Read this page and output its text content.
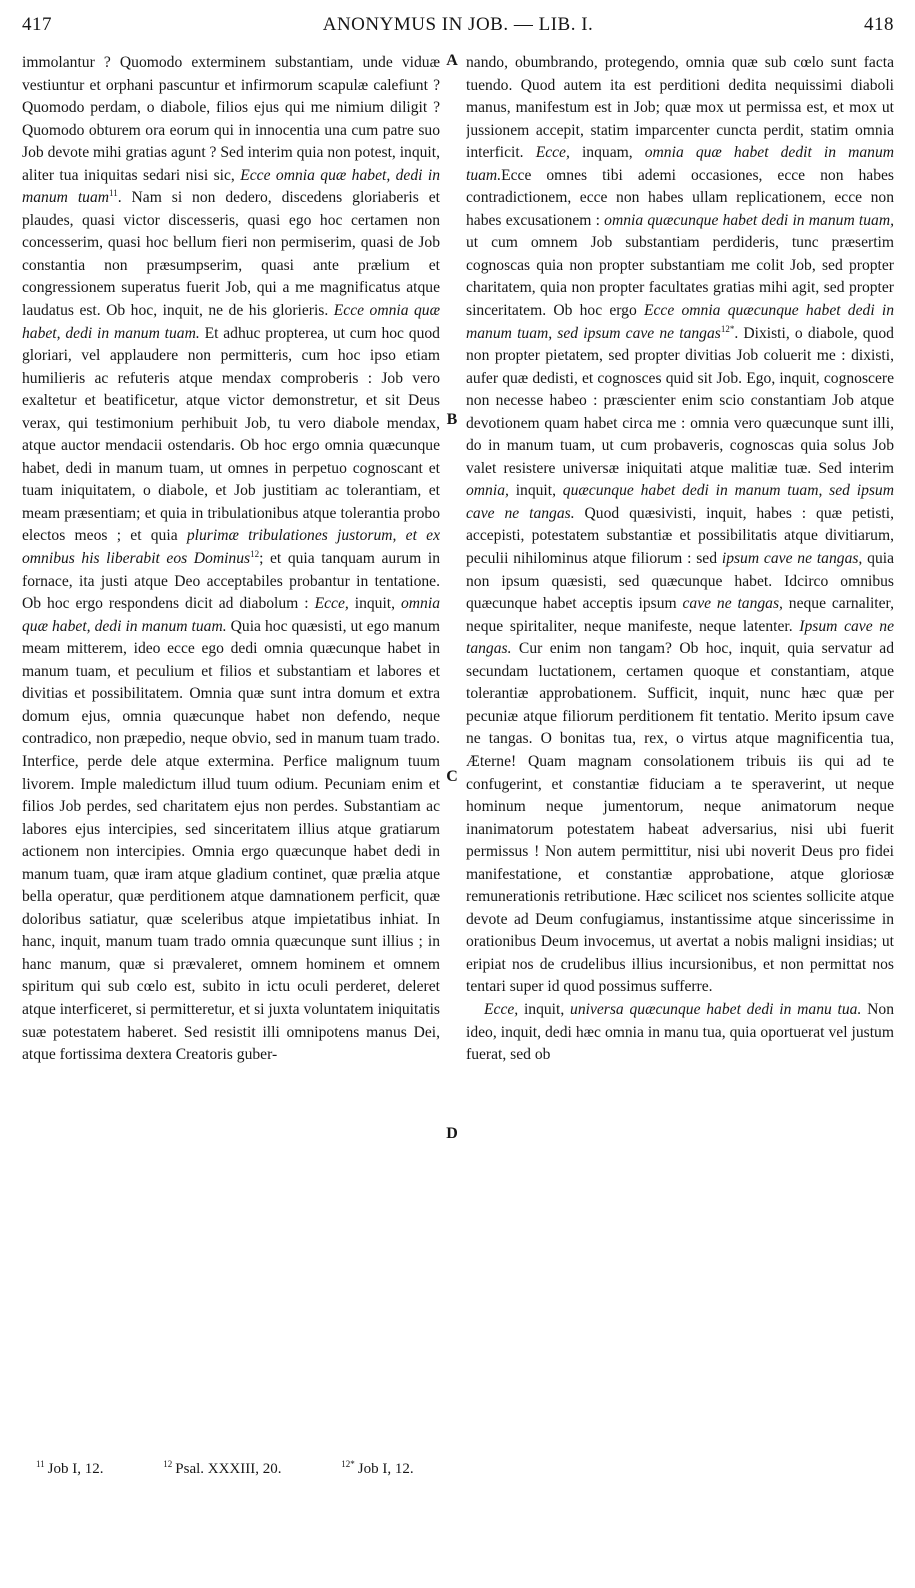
417	ANONYMUS IN JOB. — LIB. I.	418

immolantur ? Quomodo exterminem substantiam, unde viduæ vestiuntur et orphani pascuntur et infirmorum scapulæ calefiunt ? Quomodo perdam, o diabole, filios ejus qui me nimium diligit ? Quomodo obturem ora eorum qui in innocentia una cum patre suo Job devote mihi gratias agunt ? Sed interim quia non potest, inquit, aliter tua iniquitas sedari nisi sic, Ecce omnia quæ habet, dedi in manum tuam$^{11}$. Nam si non dedero, discedens gloriaberis et plaudes, quasi victor discesseris, quasi ego hoc certamen non concesserim, quasi hoc bellum fieri non permiserim, quasi de Job constantia non præsumpserim, quasi ante prælium et congressionem superatus fuerit Job, qui a me magnificatus atque laudatus est. Ob hoc, inquit, ne de his glorieris. Ecce omnia quæ habet, dedi in manum tuam. Et adhuc propterea, ut cum hoc quod gloriari, vel applaudere non permitteris, cum hoc ipso etiam humilieris ac refuteris atque mendax comproberis : Job vero exaltetur et beatificetur, atque victor demonstretur, et sit Deus verax, qui testimonium perhibuit Job, tu vero diabole mendax, atque auctor mendacii ostendaris. Ob hoc ergo omnia quæcunque habet, dedi in manum tuam, ut omnes in perpetuo cognoscant et tuam iniquitatem, o diabole, et Job justitiam ac tolerantiam, et meam præsentiam; et quia in tribulationibus atque tolerantia probo electos meos ; et quia plurimæ tribulationes justorum, et ex omnibus his liberabit eos Dominus$^{12}$; et quia tanquam aurum in fornace, ita justi atque Deo acceptabiles probantur in tentatione. Ob hoc ergo respondens dicit ad diabolum : Ecce, inquit, omnia quæ habet, dedi in manum tuam. Quia hoc quæsisti, ut ego manum meam mitterem, ideo ecce ego dedi omnia quæcunque habet in manum tuam, et peculium et filios et substantiam et labores et divitias et possibilitatem. Omnia quæ sunt intra domum et extra domum ejus, omnia quæcunque habet non defendo, neque contradico, non præpedio, neque obvio, sed in manum tuam trado. Interfice, perde dele atque extermina. Perfice malignum tuum livorem. Imple maledictum illud tuum odium. Pecuniam enim et filios Job perdes, sed charitatem ejus non perdes. Substantiam ac labores ejus intercipies, sed sinceritatem illius atque gratiarum actionem non intercipies. Omnia ergo quæcunque habet dedi in manum tuam, quæ iram atque gladium continet, quæ prælia atque bella operatur, quæ perditionem atque damnationem perficit, quæ doloribus satiatur, quæ sceleribus atque impietatibus inhiat. In hanc, inquit, manum tuam trado omnia quæcunque sunt illius ; in hanc manum, quæ si prævaleret, omnem hominem et omnem spiritum qui sub cœlo est, subito in ictu oculi perderet, deleret atque interficeret, si permitteretur, et si juxta voluntatem iniquitatis suæ potestatem haberet. Sed resistit illi omnipotens manus Dei, atque fortissima dextera Creatoris guber-

A
B
C
D

nando, obumbrando, protegendo, omnia quæ sub cœlo sunt facta tuendo. Quod autem ita est perditioni dedita nequissimi diaboli manus, manifestum est in Job; quæ mox ut permissa est, et mox ut jussionem accepit, statim imparcenter cuncta perdit, statim omnia interficit. Ecce, inquam, omnia quæ habet dedit in manum tuam.Ecce omnes tibi ademi occasiones, ecce non habes contradictionem, ecce non habes ullam replicationem, ecce non habes excusationem : omnia quæcunque habet dedi in manum tuam, ut cum omnem Job substantiam perdideris, tunc præsertim cognoscas quia non propter substantiam me colit Job, sed propter charitatem, quia non propter facultates gratias mihi agit, sed propter sinceritatem. Ob hoc ergo Ecce omnia quæcunque habet dedi in manum tuam, sed ipsum cave ne tangas$^{12*}$. Dixisti, o diabole, quod non propter pietatem, sed propter divitias Job coluerit me : dixisti, aufer quæ dedisti, et cognosces quid sit Job. Ego, inquit, cognoscere non necesse habeo : præscienter enim scio constantiam Job atque devotionem quam habet circa me : omnia vero quæcunque sunt illi, do in manum tuam, ut cum probaveris, cognoscas quia solus Job valet resistere universæ iniquitati atque malitiæ tuæ. Sed interim omnia, inquit, quæcunque habet dedi in manum tuam, sed ipsum cave ne tangas. Quod quæsivisti, inquit, habes : quæ petisti, accepisti, potestatem substantiæ et possibilitatis atque divitiarum, peculii nihilominus atque filiorum : sed ipsum cave ne tangas, quia non ipsum quæsisti, sed quæcunque habet. Idcirco omnibus quæcunque habet acceptis ipsum cave ne tangas, neque carnaliter, neque spiritaliter, neque manifeste, neque latenter. Ipsum cave ne tangas. Cur enim non tangam? Ob hoc, inquit, quia servatur ad secundam luctationem, certamen quoque et constantiam, atque tolerantiæ approbationem. Sufficit, inquit, nunc hæc quæ per pecuniæ atque filiorum perditionem fit tentatio. Merito ipsum cave ne tangas. O bonitas tua, rex, o virtus atque magnificentia tua, Æterne! Quam magnam consolationem tribuis iis qui ad te confugerint, et constantiæ fiduciam a te speraverint, ut neque hominum neque jumentorum, neque animatorum neque inanimatorum potestatem habeat adversarius, nisi ubi fuerit permissus ! Non autem permittitur, nisi ubi noverit Deus pro fidei manifestatione, et constantiæ approbatione, atque gloriosæ remunerationis retributione. Hæc scilicet nos scientes sollicite atque devote ad Deum confugiamus, instantissime atque sincerissime in orationibus Deum invocemus, ut avertat a nobis maligni insidias; ut eripiat nos de crudelibus illius incursionibus, et non permittat nos tentari super id quod possimus sufferre.

Ecce, inquit, universa quæcunque habet dedi in manu tua. Non ideo, inquit, dedi hæc omnia in manu tua, quia oportuerat vel justum fuerat, sed ob

$^{11}$ Job I, 12.	$^{12}$ Psal. XXXIII, 20.	$^{12*}$ Job I, 12.
